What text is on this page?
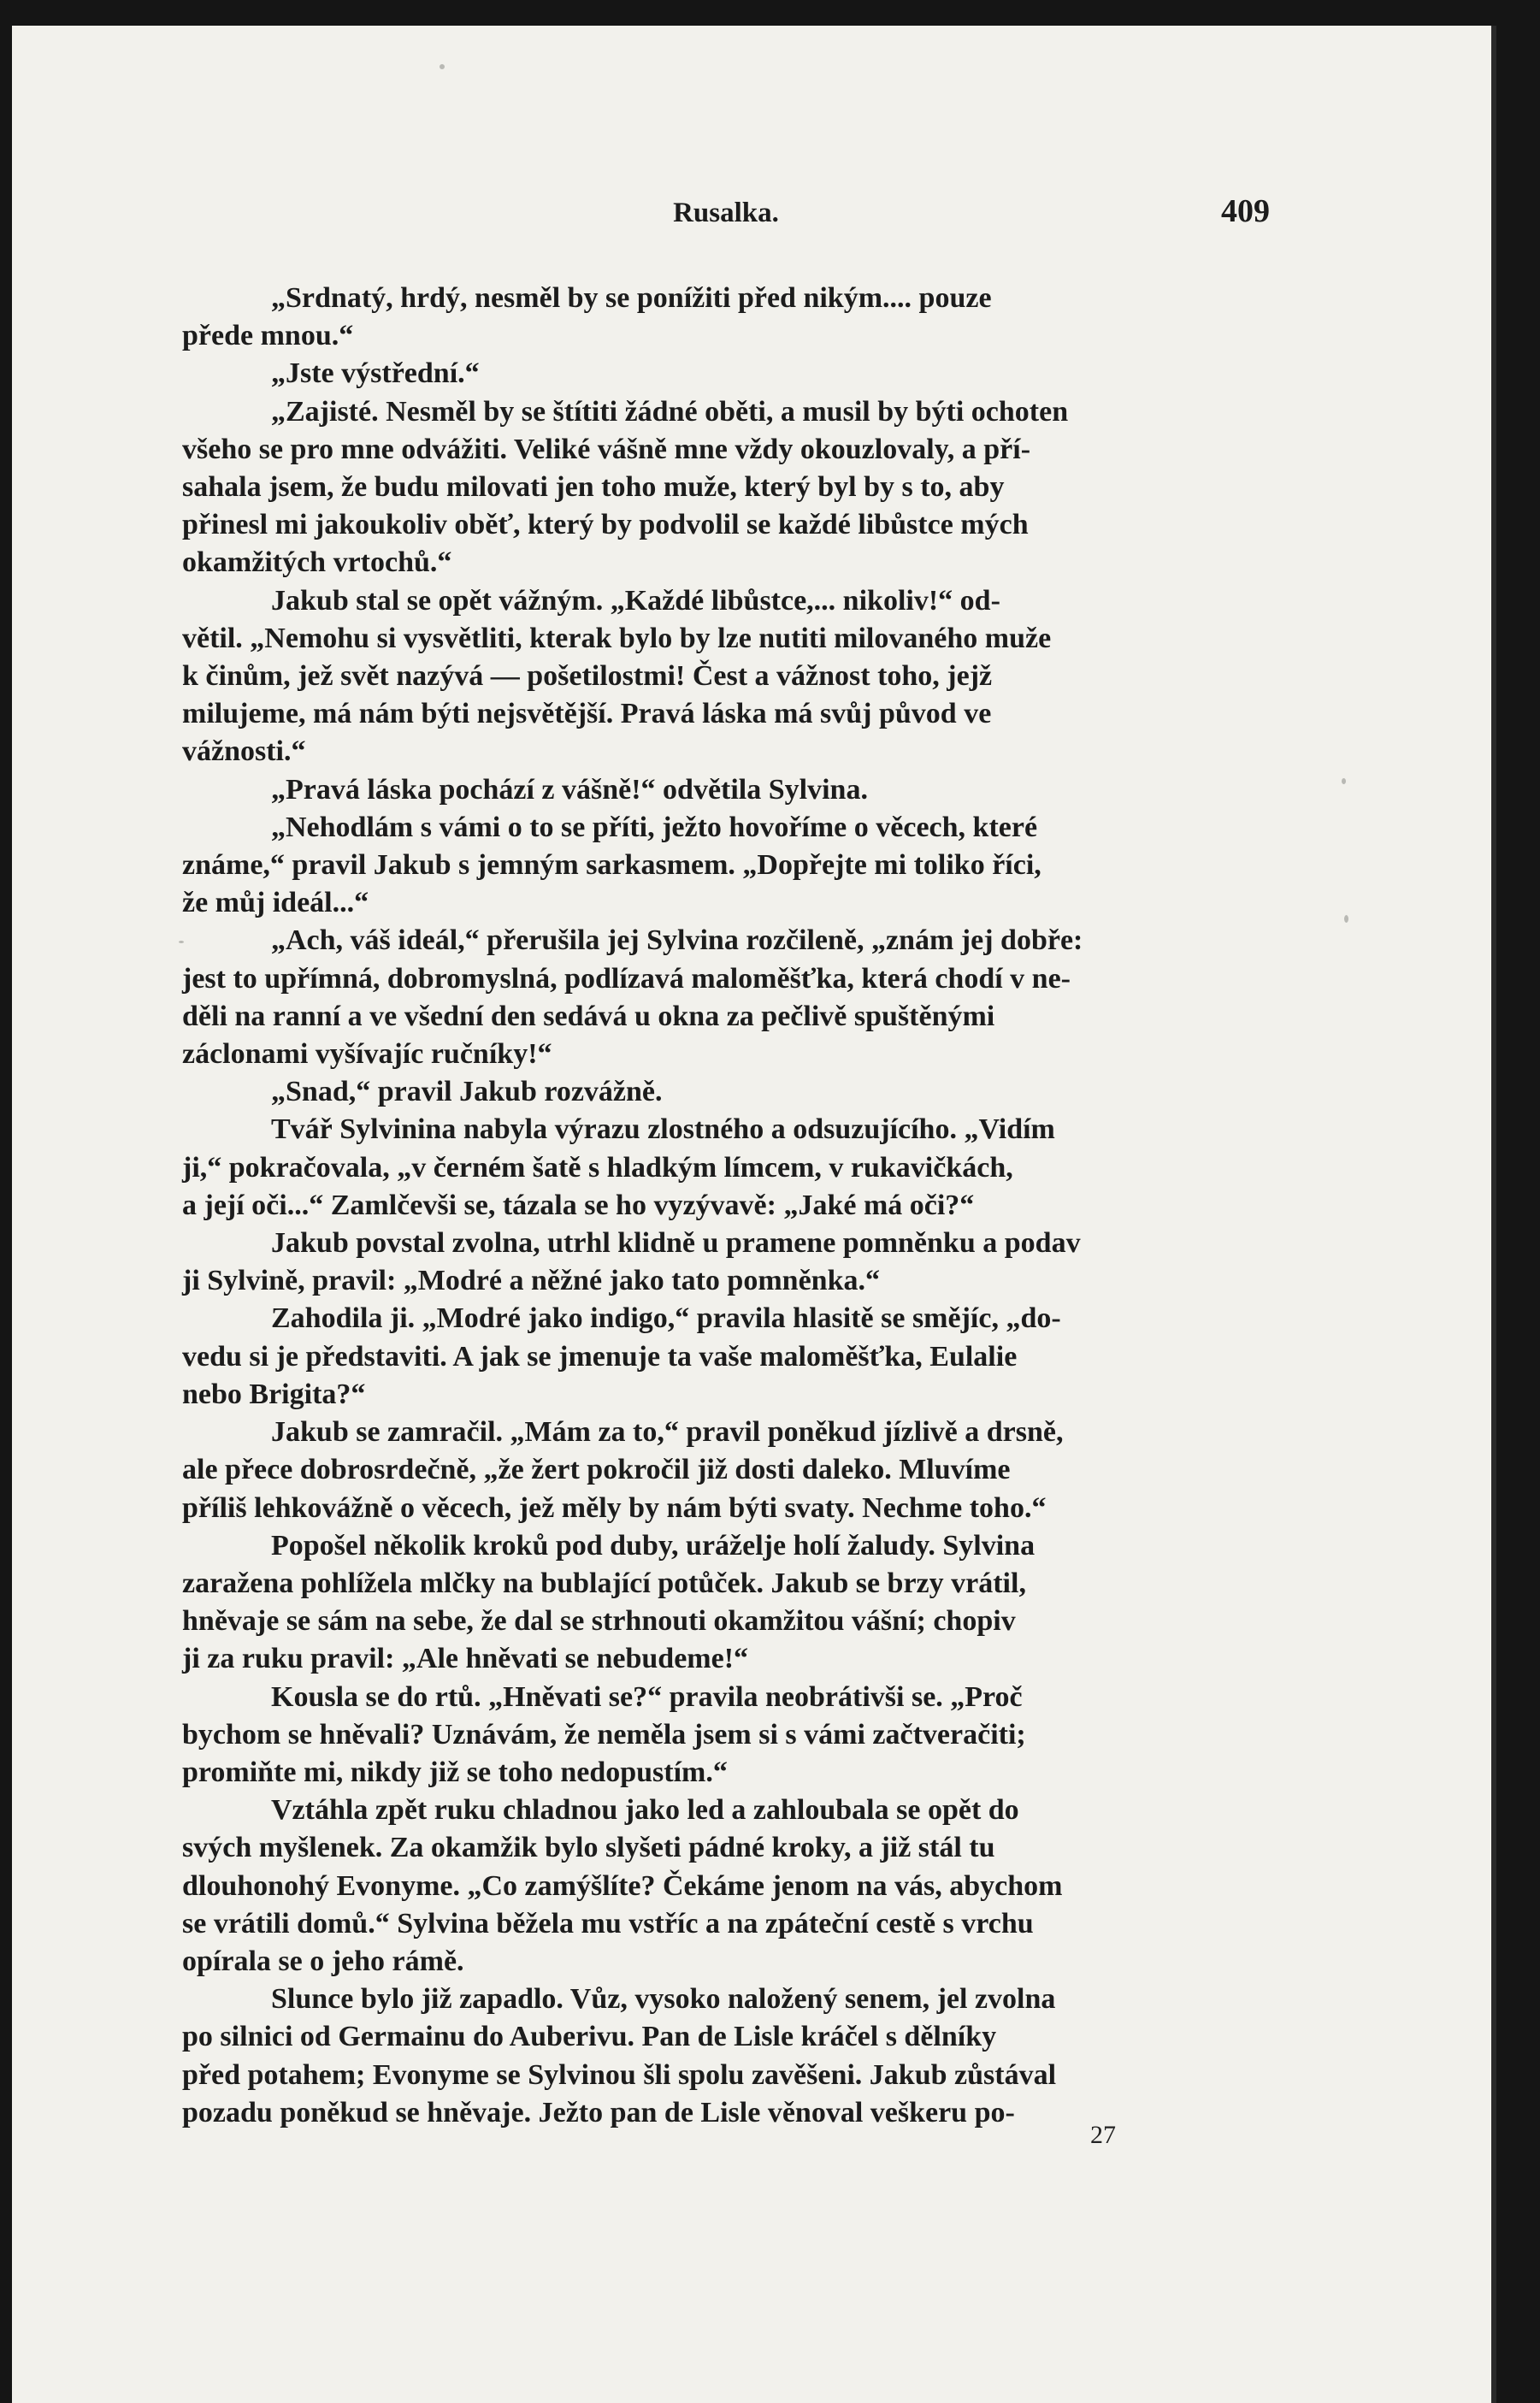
Rusalka.	409

„Srdnatý, hrdý, nesměl by se ponížiti před nikým.... pouze
přede mnou.“

„Jste výstřední.“

„Zajisté. Nesměl by se štítiti žádné oběti, a musil by býti ochoten
všeho se pro mne odvážiti. Veliké vášně mne vždy okouzlovaly, a pří-
sahala jsem, že budu milovati jen toho muže, který byl by s to, aby
přinesl mi jakoukoliv oběť, který by podvolil se každé libůstce mých
okamžitých vrtochů.“

Jakub stal se opět vážným. „Každé libůstce,... nikoliv!“ od-
větil. „Nemohu si vysvětliti, kterak bylo by lze nutiti milovaného muže
k činům, jež svět nazývá — pošetilostmi! Čest a vážnost toho, jejž
milujeme, má nám býti nejsvětější. Pravá láska má svůj původ ve
vážnosti.“

„Pravá láska pochází z vášně!“ odvětila Sylvina.

„Nehodlám s vámi o to se příti, ježto hovoříme o věcech, které
známe,“ pravil Jakub s jemným sarkasmem. „Dopřejte mi toliko říci,
že můj ideál...“

„Ach, váš ideál,“ přerušila jej Sylvina rozčileně, „znám jej dobře:
jest to upřímná, dobromyslná, podlízavá maloměšťka, která chodí v ne-
děli na ranní a ve všední den sedává u okna za pečlivě spuštěnými
záclonami vyšívajíc ručníky!“

„Snad,“ pravil Jakub rozvážně.

Tvář Sylvinina nabyla výrazu zlostného a odsuzujícího. „Vidím
ji,“ pokračovala, „v černém šatě s hladkým límcem, v rukavičkách,
a její oči...“ Zamlčevši se, tázala se ho vyzývavě: „Jaké má oči?“

Jakub povstal zvolna, utrhl klidně u pramene pomněnku a podav
ji Sylvině, pravil: „Modré a něžné jako tato pomněnka.“

Zahodila ji. „Modré jako indigo,“ pravila hlasitě se smějíc, „do-
vedu si je představiti. A jak se jmenuje ta vaše maloměšťka, Eulalie
nebo Brigita?“

Jakub se zamračil. „Mám za to,“ pravil poněkud jízlivě a drsně,
ale přece dobrosrdečně, „že žert pokročil již dosti daleko. Mluvíme
příliš lehkovážně o věcech, jež měly by nám býti svaty. Nechme toho.“

Popošel několik kroků pod duby, uráželje holí žaludy. Sylvina
zaražena pohlížela mlčky na bublající potůček. Jakub se brzy vrátil,
hněvaje se sám na sebe, že dal se strhnouti okamžitou vášní; chopiv
ji za ruku pravil: „Ale hněvati se nebudeme!“

Kousla se do rtů. „Hněvati se?“ pravila neobrátivši se. „Proč
bychom se hněvali? Uznávám, že neměla jsem si s vámi začtveračiti;
promiňte mi, nikdy již se toho nedopustím.“

Vztáhla zpět ruku chladnou jako led a zahloubala se opět do
svých myšlenek. Za okamžik bylo slyšeti pádné kroky, a již stál tu
dlouhonohý Evonyme. „Co zamýšlíte? Čekáme jenom na vás, abychom
se vrátili domů.“ Sylvina běžela mu vstříc a na zpáteční cestě s vrchu
opírala se o jeho rámě.

Slunce bylo již zapadlo. Vůz, vysoko naložený senem, jel zvolna
po silnici od Germainu do Auberivu. Pan de Lisle kráčel s dělníky
před potahem; Evonyme se Sylvinou šli spolu zavěšeni. Jakub zůstával
pozadu poněkud se hněvaje. Ježto pan de Lisle věnoval veškeru po-

27
